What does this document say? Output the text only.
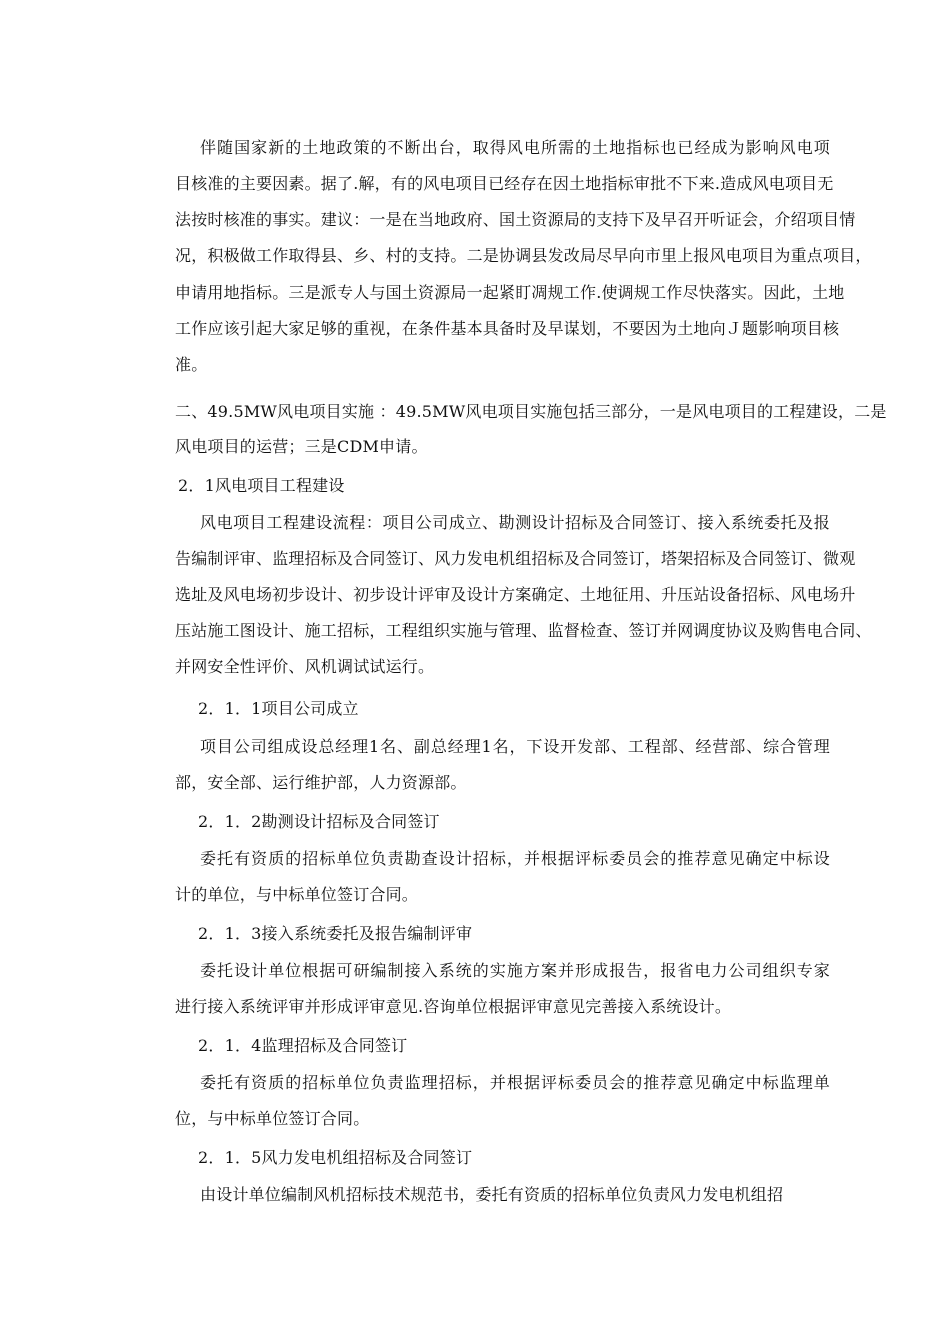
伴随国家新的土地政策的不断出台，取得风电所需的土地指标也已经成为影响风电项
目核准的主要因素。据了.解，有的风电项目已经存在因土地指标审批不下来.造成风电项目无
法按时核准的事实。建议：一是在当地政府、国土资源局的支持下及早召开听证会，介绍项目情
况，积极做工作取得县、乡、村的支持。二是协调县发改局尽早向市里上报风电项目为重点项目，
申请用地指标。三是派专人与国土资源局一起紧盯凋规工作.使调规工作尽快落实。因此，土地
工作应该引起大家足够的重视，在条件基本具备时及早谋划，不要因为土地向Ｊ题影响项目核
准。
二、49.5MW风电项目实施 ：49.5MW风电项目实施包括三部分，一是风电项目的工程建设，二是
风电项目的运营；三是CDM申请。
2．1风电项目工程建设
风电项目工程建设流程：项目公司成立、勘测设计招标及合同签订、接入系统委托及报
告编制评审、监理招标及合同签订、风力发电机组招标及合同签订，塔架招标及合同签订、微观
选址及风电场初步设计、初步设计评审及设计方案确定、土地征用、升压站设备招标、风电场升
压站施工图设计、施工招标，工程组织实施与管理、监督检查、签订并网调度协议及购售电合同、
并网安全性评价、风机调试试运行。
2．1．1项目公司成立
项目公司组成设总经理1名、副总经理1名，下设开发部、工程部、经营部、综合管理
部，安全部、运行维护部，人力资源部。
2．1．2勘测设计招标及合同签订
委托有资质的招标单位负责勘查设计招标，并根据评标委员会的推荐意见确定中标设
计的单位，与中标单位签订合同。
2．1．3接入系统委托及报告编制评审
委托设计单位根据可研编制接入系统的实施方案并形成报告，报省电力公司组织专家
进行接入系统评审并形成评审意见.咨询单位根据评审意见完善接入系统设计。
2．1．4监理招标及合同签订
委托有资质的招标单位负责监理招标，并根据评标委员会的推荐意见确定中标监理单
位，与中标单位签订合同。
2．1．5风力发电机组招标及合同签订
由设计单位编制风机招标技术规范书，委托有资质的招标单位负责风力发电机组招
